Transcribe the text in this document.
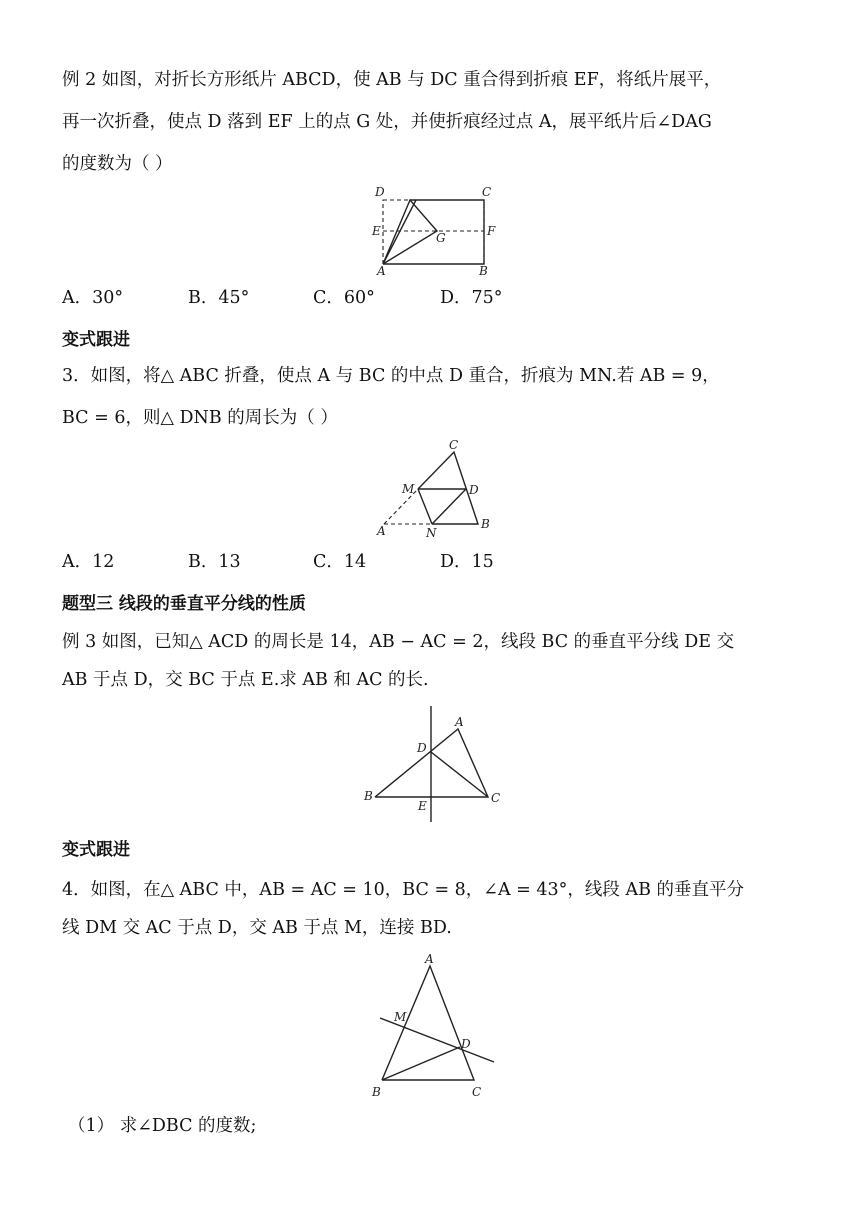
例 2 如图，对折长方形纸片 ABCD，使 AB 与 DC 重合得到折痕 EF，将纸片展平，
再一次折叠，使点 D 落到 EF 上的点 G 处，并使折痕经过点 A，展平纸片后∠DAG
的度数为（ ）
D	C
E	F
G
A	B
A．30°	B．45°	C．60°	D．75°
变式跟进
3．如图，将△ ABC 折叠，使点 A 与 BC 的中点 D 重合，折痕为 MN.若 AB = 9，
BC = 6，则△ DNB 的周长为（ ）
C
M	D
A	N
B
A．12	B．13	C．14	D．15
题型三 线段的垂直平分线的性质
例 3 如图，已知△ ACD 的周长是 14，AB − AC = 2，线段 BC 的垂直平分线 DE 交
AB 于点 D，交 BC 于点 E.求 AB 和 AC 的长.
A
D
B
E
C
变式跟进
4．如图，在△ ABC 中，AB = AC = 10，BC = 8，∠A = 43°，线段 AB 的垂直平分
线 DM 交 AC 于点 D，交 AB 于点 M，连接 BD.
A
M
D
B	C
（1） 求∠DBC 的度数;
